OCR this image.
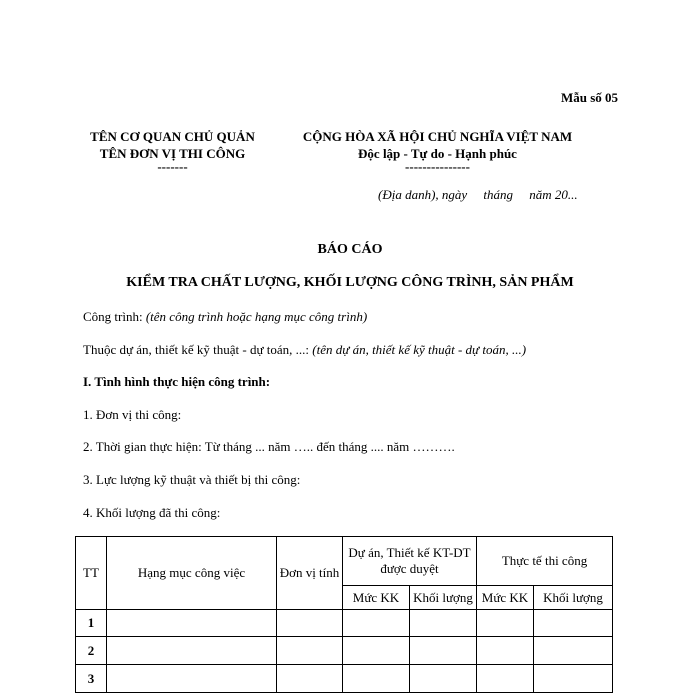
Mẫu số 05
TÊN CƠ QUAN CHỦ QUẢN
TÊN ĐƠN VỊ THI CÔNG
-------
CỘNG HÒA XÃ HỘI CHỦ NGHĨA VIỆT NAM
Độc lập - Tự do - Hạnh phúc
---------------
(Địa danh), ngày     tháng     năm 20...
BÁO CÁO
KIỂM TRA CHẤT LƯỢNG, KHỐI LƯỢNG CÔNG TRÌNH, SẢN PHẨM
Công trình: (tên công trình hoặc hạng mục công trình)
Thuộc dự án, thiết kế kỹ thuật - dự toán, ...: (tên dự án, thiết kế kỹ thuật - dự toán, ...)
I. Tình hình thực hiện công trình:
1. Đơn vị thi công:
2. Thời gian thực hiện: Từ tháng ... năm ….. đến tháng .... năm ……….
3. Lực lượng kỹ thuật và thiết bị thi công:
4. Khối lượng đã thi công:
TT	Hạng mục công việc	Đơn vị tính	Dự án, Thiết kế KT-DT được duyệt		Thực tế thi công	
			Mức KK	Khối lượng	Mức KK	Khối lượng
1						
2						
3						
